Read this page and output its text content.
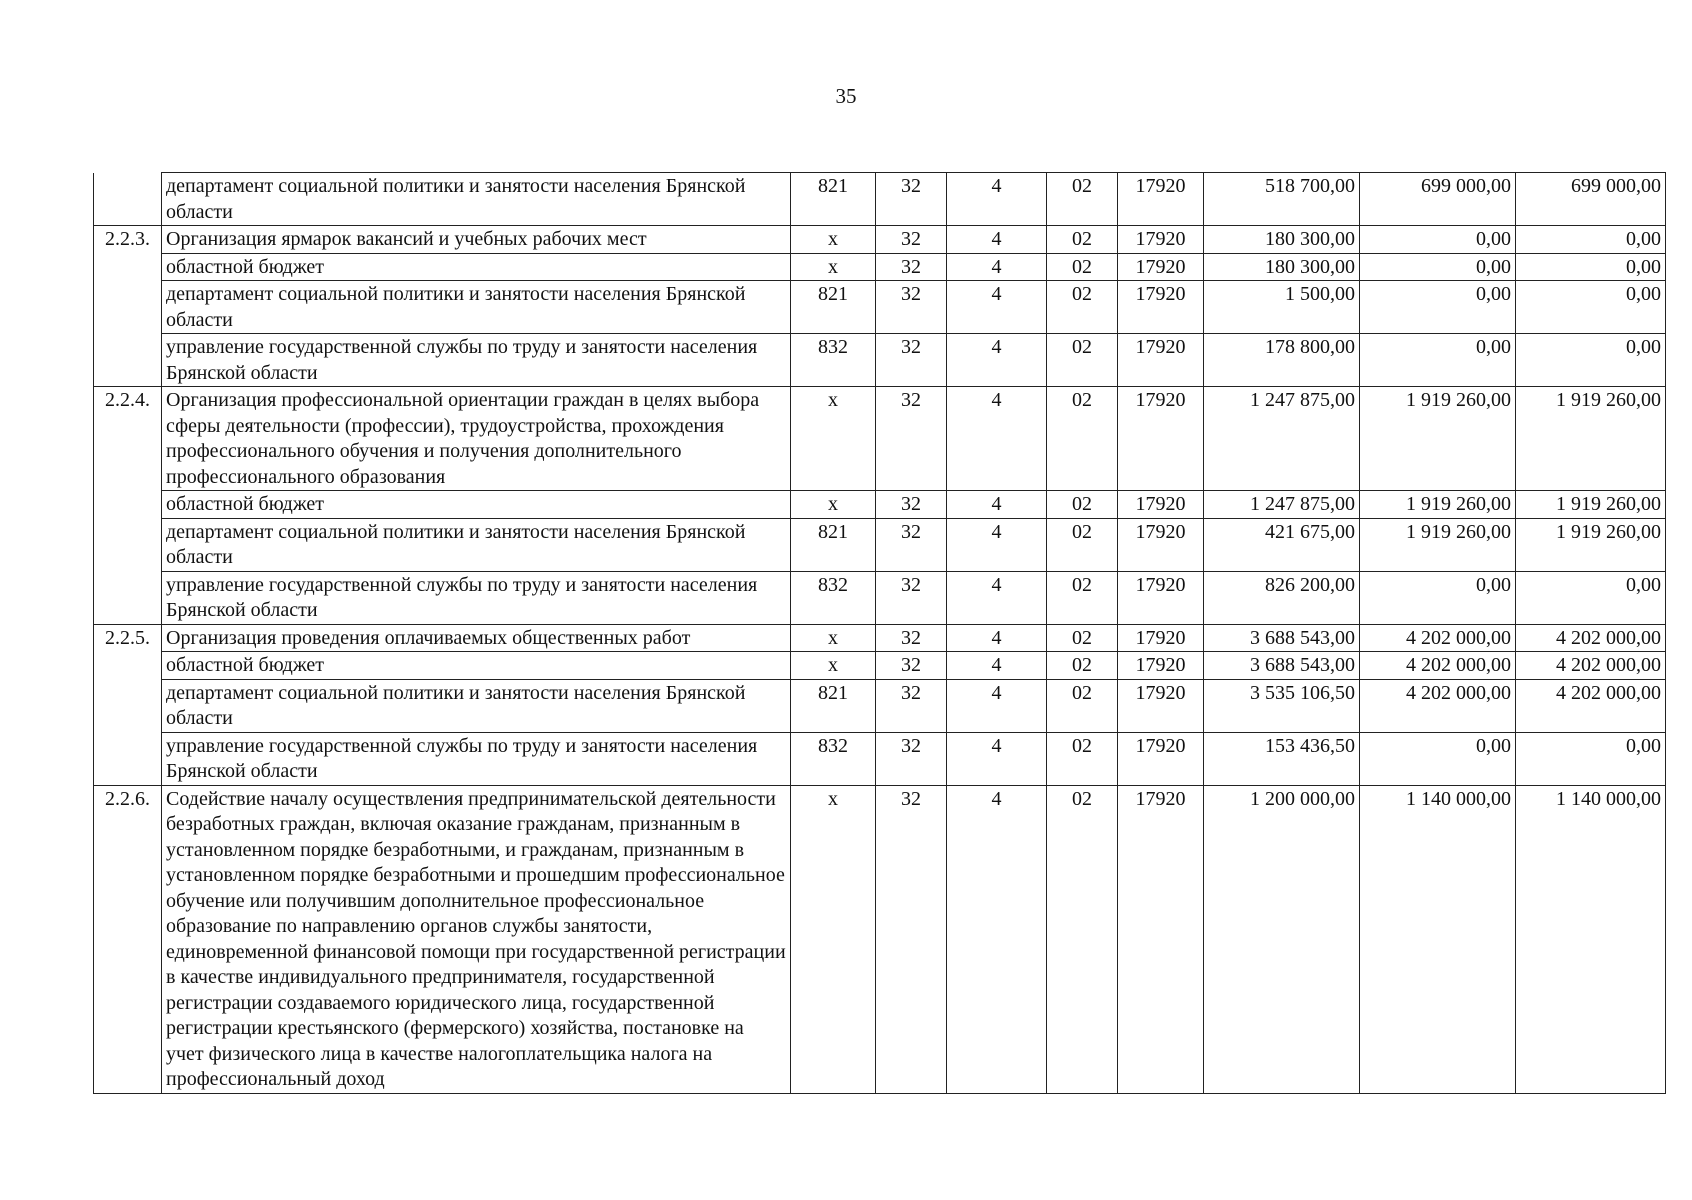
35
	департамент социальной политики и занятости населения Брянской области	821	32	4	02	17920	518 700,00	699 000,00	699 000,00
2.2.3.	Организация ярмарок вакансий и учебных рабочих мест	х	32	4	02	17920	180 300,00	0,00	0,00
	областной бюджет	х	32	4	02	17920	180 300,00	0,00	0,00
	департамент социальной политики и занятости населения Брянской области	821	32	4	02	17920	1 500,00	0,00	0,00
	управление государственной службы по труду и занятости населения Брянской области	832	32	4	02	17920	178 800,00	0,00	0,00
2.2.4.	Организация профессиональной ориентации граждан в целях выбора сферы деятельности (профессии), трудоустройства, прохождения профессионального обучения и получения дополнительного профессионального образования	х	32	4	02	17920	1 247 875,00	1 919 260,00	1 919 260,00
	областной бюджет	х	32	4	02	17920	1 247 875,00	1 919 260,00	1 919 260,00
	департамент социальной политики и занятости населения Брянской области	821	32	4	02	17920	421 675,00	1 919 260,00	1 919 260,00
	управление государственной службы по труду и занятости населения Брянской области	832	32	4	02	17920	826 200,00	0,00	0,00
2.2.5.	Организация проведения оплачиваемых общественных работ	х	32	4	02	17920	3 688 543,00	4 202 000,00	4 202 000,00
	областной бюджет	х	32	4	02	17920	3 688 543,00	4 202 000,00	4 202 000,00
	департамент социальной политики и занятости населения Брянской области	821	32	4	02	17920	3 535 106,50	4 202 000,00	4 202 000,00
	управление государственной службы по труду и занятости населения Брянской области	832	32	4	02	17920	153 436,50	0,00	0,00
2.2.6.	Содействие началу осуществления предпринимательской деятельности безработных граждан, включая оказание гражданам, признанным в установленном порядке безработными, и гражданам, признанным в установленном порядке безработными и прошедшим профессиональное обучение или получившим дополнительное профессиональное образование по направлению органов службы занятости, единовременной финансовой помощи при государственной регистрации в качестве индивидуального предпринимателя, государственной регистрации создаваемого юридического лица, государственной регистрации крестьянского (фермерского) хозяйства, постановке на учет физического лица в качестве налогоплательщика налога на профессиональный доход	х	32	4	02	17920	1 200 000,00	1 140 000,00	1 140 000,00
